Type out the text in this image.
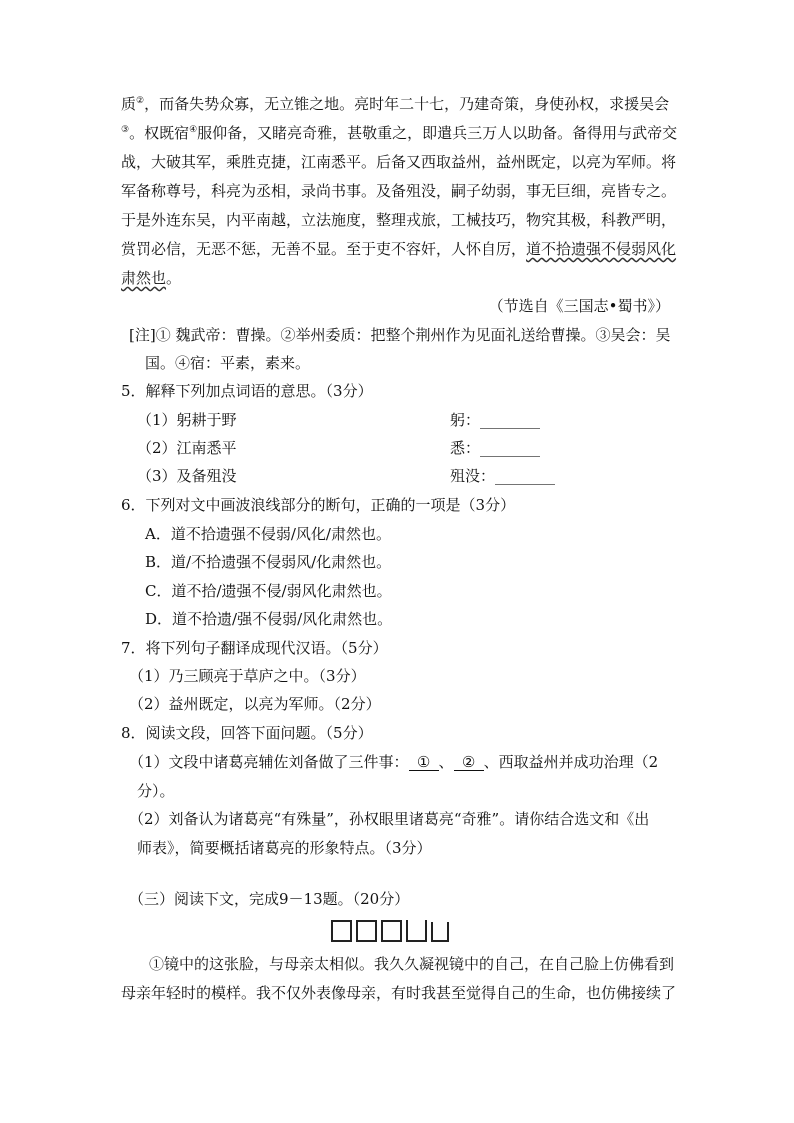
质②，而备失势众寡，无立锥之地。亮时年二十七，乃建奇策，身使孙权，求援吴会
③。权既宿④服仰备，又睹亮奇雅，甚敬重之，即遣兵三万人以助备。备得用与武帝交
战，大破其军，乘胜克捷，江南悉平。后备又西取益州，益州既定，以亮为军师。将
军备称尊号，科亮为丞相，录尚书事。及备殂没，嗣子幼弱，事无巨细，亮皆专之。
于是外连东吴，内平南越，立法施度，整理戎旅，工械技巧，物究其极，科教严明，
赏罚必信，无恶不惩，无善不显。至于吏不容奸，人怀自厉，道不拾遗强不侵弱风化
肃然也。
（节选自《三国志•蜀书》）
[注]① 魏武帝：曹操。②举州委质：把整个荆州作为见面礼送给曹操。③吴会：吴
国。④宿：平素，素来。
5．解释下列加点词语的意思。（3分）
（1）躬耕于野	躬：________
（2）江南悉平	悉：________
（3）及备殂没	殂没：________
6．下列对文中画波浪线部分的断句，正确的一项是（3分）
A．道不拾遗强不侵弱/风化/肃然也。
B．道/不拾遗强不侵弱风/化肃然也。
C．道不拾/遗强不侵/弱风化肃然也。
D．道不拾遗/强不侵弱/风化肃然也。
7．将下列句子翻译成现代汉语。（5分）
（1）乃三顾亮于草庐之中。（3分）
（2）益州既定，以亮为军师。（2分）
8．阅读文段，回答下面问题。（5分）
（1）文段中诸葛亮辅佐刘备做了三件事： ① 、 ② 、西取益州并成功治理（2
分）。
（2）刘备认为诸葛亮“有殊量”，孙权眼里诸葛亮“奇雅”。请你结合选文和《出
师表》，简要概括诸葛亮的形象特点。（3分）
（三）阅读下文，完成9－13题。（20分）
①镜中的这张脸，与母亲太相似。我久久凝视镜中的自己，在自己脸上仿佛看到
母亲年轻时的模样。我不仅外表像母亲，有时我甚至觉得自己的生命，也仿佛接续了
